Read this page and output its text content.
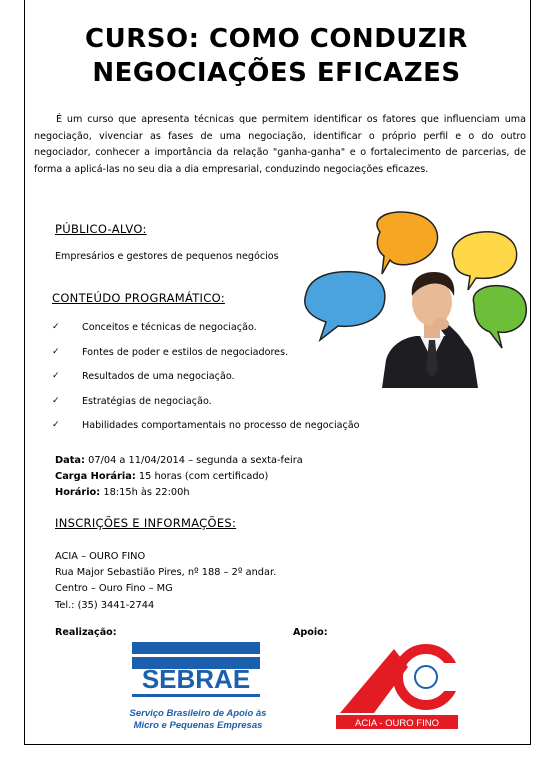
CURSO: COMO CONDUZIR
NEGOCIAÇÕES EFICAZES

É um curso que apresenta técnicas que permitem identificar os fatores que influenciam uma negociação, vivenciar as fases de uma negociação, identificar o próprio perfil e o do outro negociador, conhecer a importância da relação "ganha-ganha" e o fortalecimento de parcerias, de forma a aplicá-las no seu dia a dia empresarial, conduzindo negociações eficazes.

PÚBLICO-ALVO:
Empresários e gestores de pequenos negócios
CONTEÚDO PROGRAMÁTICO:
✓ Conceitos e técnicas de negociação.
✓ Fontes de poder e estilos de negociadores.
✓ Resultados de uma negociação.
✓ Estratégias de negociação.
✓ Habilidades comportamentais no processo de negociação
Data: 07/04 a 11/04/2014 – segunda a sexta-feira
Carga Horária: 15 horas (com certificado)
Horário: 18:15h às 22:00h
INSCRIÇÕES E INFORMAÇÕES:
ACIA – OURO FINO
Rua Major Sebastião Pires, nº 188 – 2º andar.
Centro – Ouro Fino – MG
Tel.: (35) 3441-2744
Realização:	Apoio:
SEBRAE
Serviço Brasileiro de Apoio às
Micro e Pequenas Empresas	ACIA - OURO FINO
